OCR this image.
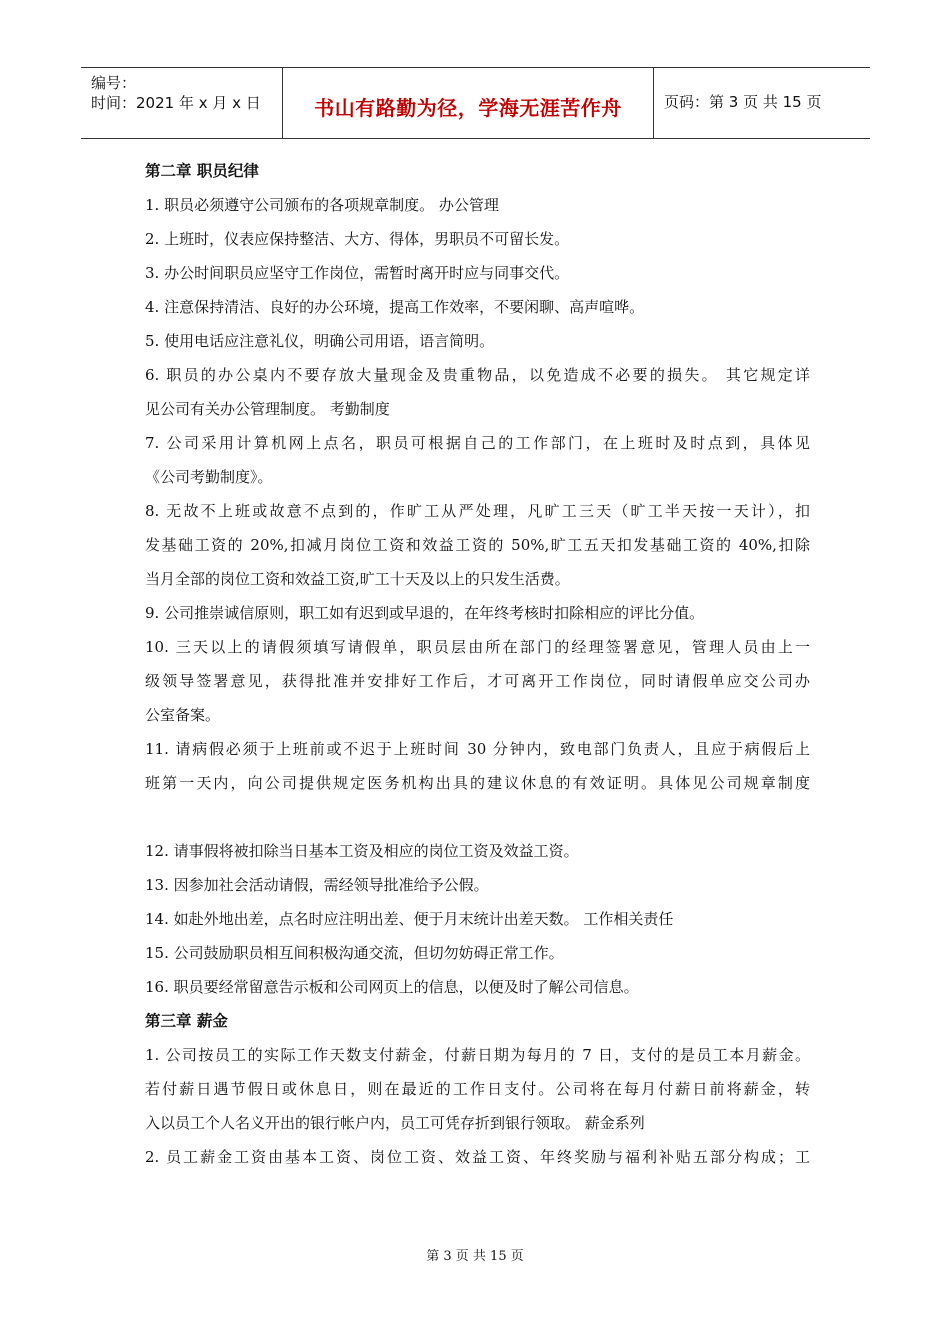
编号：
时间：2021 年 x 月 x 日	书山有路勤为径，学海无涯苦作舟	页码：第 3 页 共 15 页
第二章 职员纪律
1. 职员必须遵守公司颁布的各项规章制度。 办公管理
2. 上班时，仪表应保持整洁、大方、得体，男职员不可留长发。
3. 办公时间职员应坚守工作岗位，需暂时离开时应与同事交代。
4. 注意保持清洁、良好的办公环境，提高工作效率，不要闲聊、高声喧哗。
5. 使用电话应注意礼仪，明确公司用语，语言简明。
6. 职员的办公桌内不要存放大量现金及贵重物品，以免造成不必要的损失。 其它规定详
见公司有关办公管理制度。 考勤制度
7. 公司采用计算机网上点名，职员可根据自己的工作部门，在上班时及时点到，具体见
《公司考勤制度》。
8. 无故不上班或故意不点到的，作旷工从严处理，凡旷工三天（旷工半天按一天计），扣
发基础工资的 20%,扣减月岗位工资和效益工资的 50%,旷工五天扣发基础工资的 40%,扣除
当月全部的岗位工资和效益工资,旷工十天及以上的只发生活费。
9. 公司推崇诚信原则，职工如有迟到或早退的，在年终考核时扣除相应的评比分值。
10. 三天以上的请假须填写请假单，职员层由所在部门的经理签署意见，管理人员由上一
级领导签署意见，获得批准并安排好工作后，才可离开工作岗位，同时请假单应交公司办
公室备案。
11. 请病假必须于上班前或不迟于上班时间 30 分钟内，致电部门负责人，且应于病假后上
班第一天内，向公司提供规定医务机构出具的建议休息的有效证明。具体见公司规章制度
12. 请事假将被扣除当日基本工资及相应的岗位工资及效益工资。
13. 因参加社会活动请假，需经领导批准给予公假。
14. 如赴外地出差，点名时应注明出差、便于月末统计出差天数。 工作相关责任
15. 公司鼓励职员相互间积极沟通交流，但切勿妨碍正常工作。
16. 职员要经常留意告示板和公司网页上的信息，以便及时了解公司信息。
第三章 薪金
1. 公司按员工的实际工作天数支付薪金，付薪日期为每月的 7 日，支付的是员工本月薪金。
若付薪日遇节假日或休息日，则在最近的工作日支付。公司将在每月付薪日前将薪金，转
入以员工个人名义开出的银行帐户内，员工可凭存折到银行领取。 薪金系列
2. 员工薪金工资由基本工资、岗位工资、效益工资、年终奖励与福利补贴五部分构成；工
第 3 页 共 15 页
